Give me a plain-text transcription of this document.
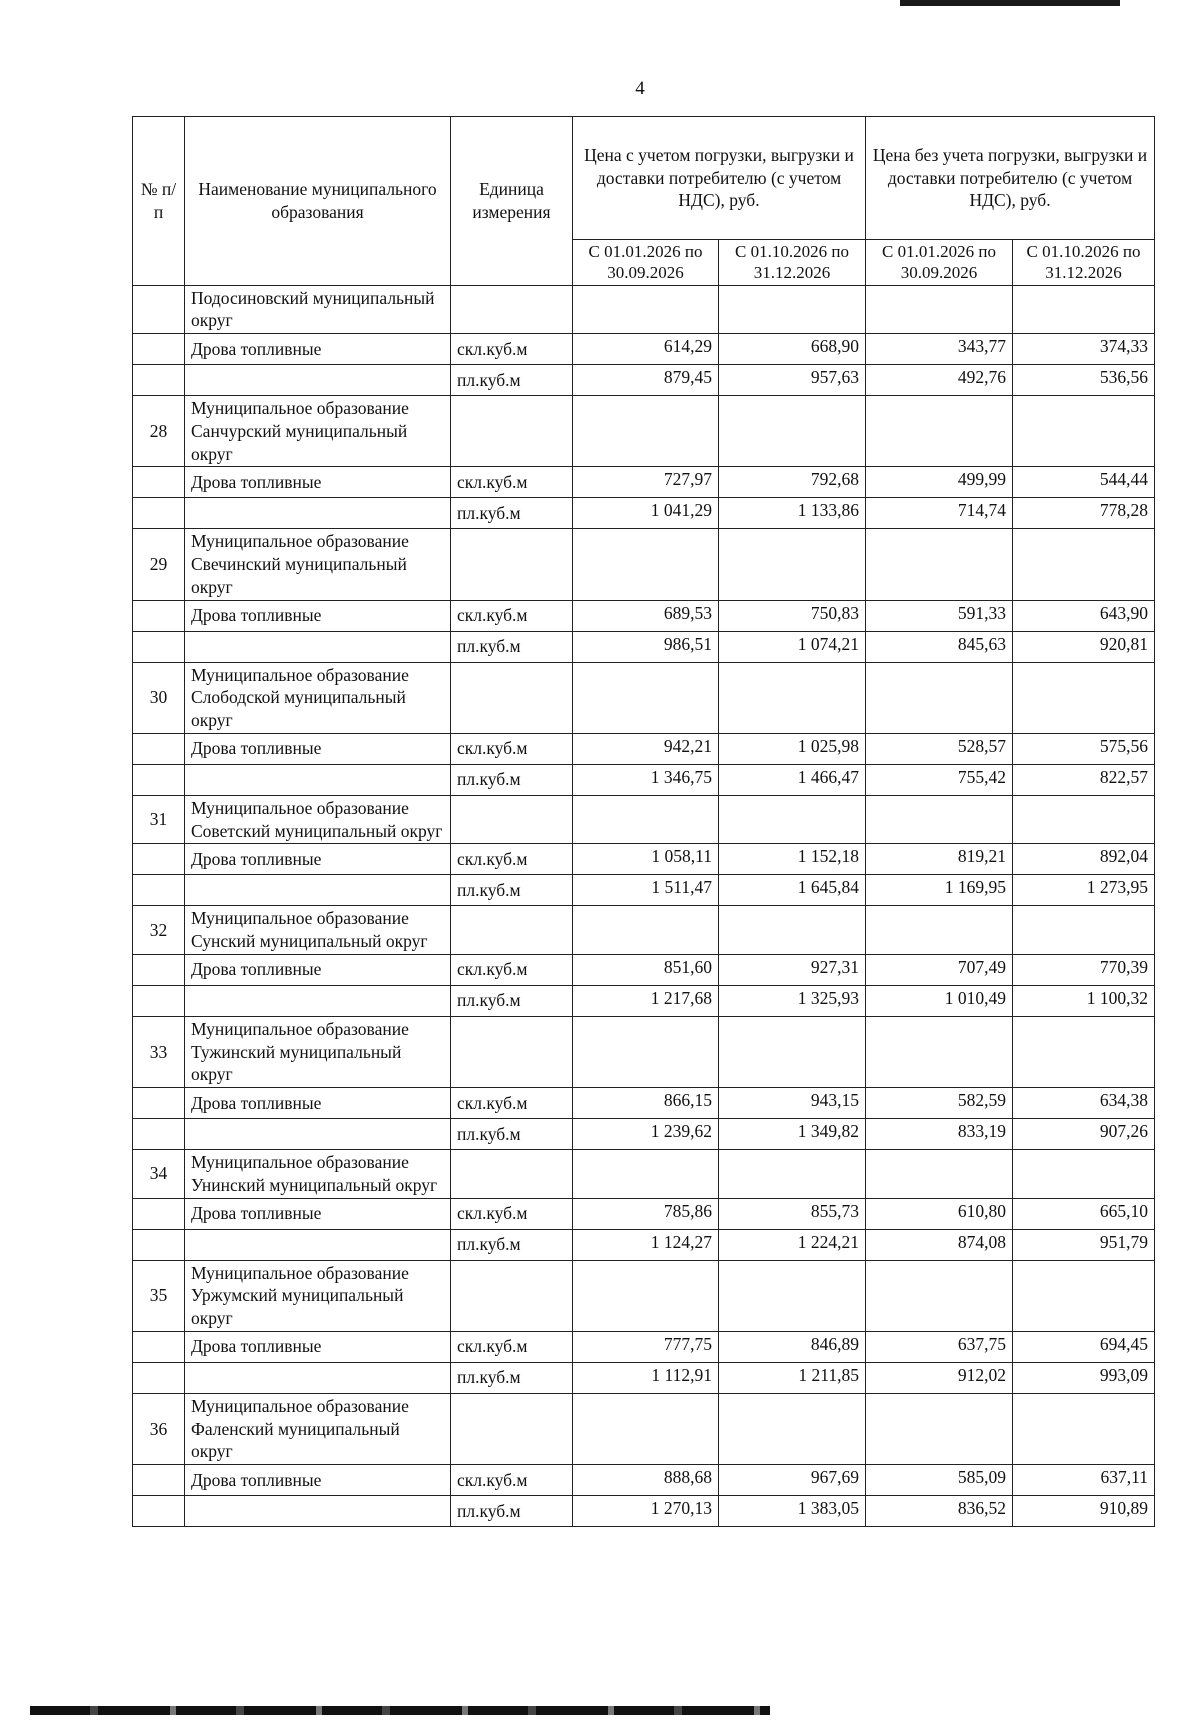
4
№ п/п	Наименование муниципального образования	Единица измерения	Цена с учетом погрузки, выгрузки и доставки потребителю (с учетом НДС), руб.		Цена без учета погрузки, выгрузки и доставки потребителю (с учетом НДС), руб.	
			С 01.01.2026 по 30.09.2026	С 01.10.2026 по 31.12.2026	С 01.01.2026 по 30.09.2026	С 01.10.2026 по 31.12.2026
	Подосиновский муниципальный округ					
	Дрова топливные	скл.куб.м	614,29	668,90	343,77	374,33
		пл.куб.м	879,45	957,63	492,76	536,56
28	Муниципальное образование Санчурский муниципальный округ					
	Дрова топливные	скл.куб.м	727,97	792,68	499,99	544,44
		пл.куб.м	1 041,29	1 133,86	714,74	778,28
29	Муниципальное образование Свечинский муниципальный округ					
	Дрова топливные	скл.куб.м	689,53	750,83	591,33	643,90
		пл.куб.м	986,51	1 074,21	845,63	920,81
30	Муниципальное образование Слободской муниципальный округ					
	Дрова топливные	скл.куб.м	942,21	1 025,98	528,57	575,56
		пл.куб.м	1 346,75	1 466,47	755,42	822,57
31	Муниципальное образование Советский муниципальный округ					
	Дрова топливные	скл.куб.м	1 058,11	1 152,18	819,21	892,04
		пл.куб.м	1 511,47	1 645,84	1 169,95	1 273,95
32	Муниципальное образование Сунский муниципальный округ					
	Дрова топливные	скл.куб.м	851,60	927,31	707,49	770,39
		пл.куб.м	1 217,68	1 325,93	1 010,49	1 100,32
33	Муниципальное образование Тужинский муниципальный округ					
	Дрова топливные	скл.куб.м	866,15	943,15	582,59	634,38
		пл.куб.м	1 239,62	1 349,82	833,19	907,26
34	Муниципальное образование Унинский муниципальный округ					
	Дрова топливные	скл.куб.м	785,86	855,73	610,80	665,10
		пл.куб.м	1 124,27	1 224,21	874,08	951,79
35	Муниципальное образование Уржумский муниципальный округ					
	Дрова топливные	скл.куб.м	777,75	846,89	637,75	694,45
		пл.куб.м	1 112,91	1 211,85	912,02	993,09
36	Муниципальное образование Фаленский муниципальный округ					
	Дрова топливные	скл.куб.м	888,68	967,69	585,09	637,11
		пл.куб.м	1 270,13	1 383,05	836,52	910,89
